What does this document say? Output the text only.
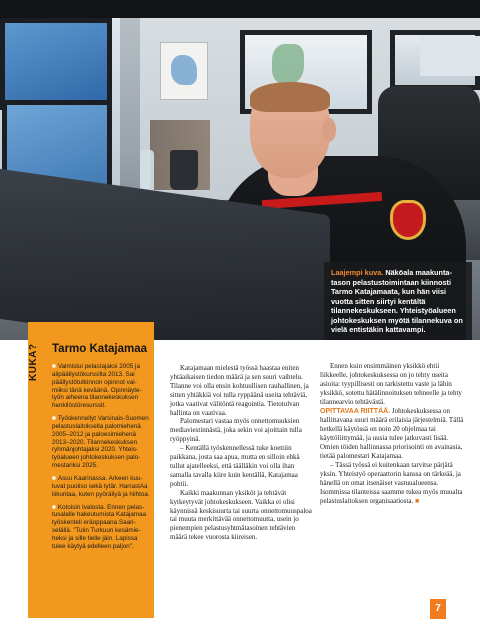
Laajempi kuva. Näköala maakuntatason pelastustoimintaan kiinnosti Tarmo Katajamaata, kun hän viisi vuotta sitten siirtyi kentältä tilannekeskukseen. Yhteistyöalueen johtokeskuksen myötä tilannekuva on vielä entistäkin kattavampi.
KUKA?	Tarmo Katajamaa
■ Valmistui pelastajaksi 2005 ja alipäällystökurssilta 2013. Sai päällystötutkinnon opinnot valmiiksi tänä keväänä. Opinnäytetyön aiheena tilannekeskuksen henkilöstöresurssit.
■ Työskennellyt Varsinais-Suomen pelastuslaitoksella palomiehenä 2005–2012 ja paloesimiehenä 2013–2020. Tilannekeskuksen ryhmänjohtajaksi 2020. Yhteistyöalueen johtokeskuksen palomestariksi 2025.
■ Asuu Kaarinassa. Arkeen kuuluvat puoliso sekä tytär. HarrastAa liikuntaa, kuten pyöräilyä ja hiihtoa.
■ Kotoisin Ivalosta. Ennen pelastusalalle hakeutumista Katajamaa työskenteli eräoppaana Saariselällä. ”Tulin Turkuun kesämieheksi ja sille tielle jäin. Lapissa tulee käytyä edelleen paljon”.

Katajamaan mielestä työssä haastaa eniten yhtäaikaisen tiedon määrä ja sen suuri vaihtelu. Tilanne voi olla ensin kohtuullisen rauhallinen, ja sitten yhtäkkiä voi tulla ryppäänä useita tehtäviä, jotka vaativat välitöntä reagointia. Tietotulvan hallinta on vaativaa.

Palomestari vastaa myös onnettomuuksien mediaviestinnästä, joka sekin voi ajoittain tulla ryöppyinä.

– Kentällä työskennellessä tuke koettiin paikkana, josta saa apua, mutta en silloin ehkä tullut ajatelleeksi, että täälläkin voi olla ihan samalla tavalla kiire kuin kentällä, Katajamaa pohtii.

Kaikki maakunnan yksiköt ja tehtävät kytkeytyvät johtokeskukseen. Vaikka ei olisi käynnissä keskisuurta tai suurta onnettomuuspaloa tai muuta merkittävää onnettomuutta, usein jo pienempien pelastusyhtmätasoinen tehtävien määrä tekee vuorosta kiireisen.

Ennen kuin ensimmäinen yksikkö ehtii liikkeelle, johtokeskuksessa on jo tehty useita asioita: tyypillisesti on tarkistettu vaste ja lähin yksikkö, sotettu hätälinnoituksen tehneelle ja tehty tilannearvio tehtävästä.

OPITTAVAA RIITTÄÄ. Johtokeskuksessa on hallittavana suuri määrä erilaisia järjestelmiä. Tällä hetkellä käytössä on noin 20 ohjelmaa tai käyttöliittymää, ja uusia tulee jatkuvasti lisää. Omien töiden hallinnassa priorisointi on avainasia, tietää palomestari Katajamaa.

– Tässä työssä ei kuitenkaan tarvitse pärjätä yksin. Yhteistyö operaattorin kanssa on tärkeää, ja hänellä on omat itsenäiset vastuualueensa. Isommissa tilanteissa saamme tukea myös muualta pelastuslaitoksen organisaatiosta. ■

7
